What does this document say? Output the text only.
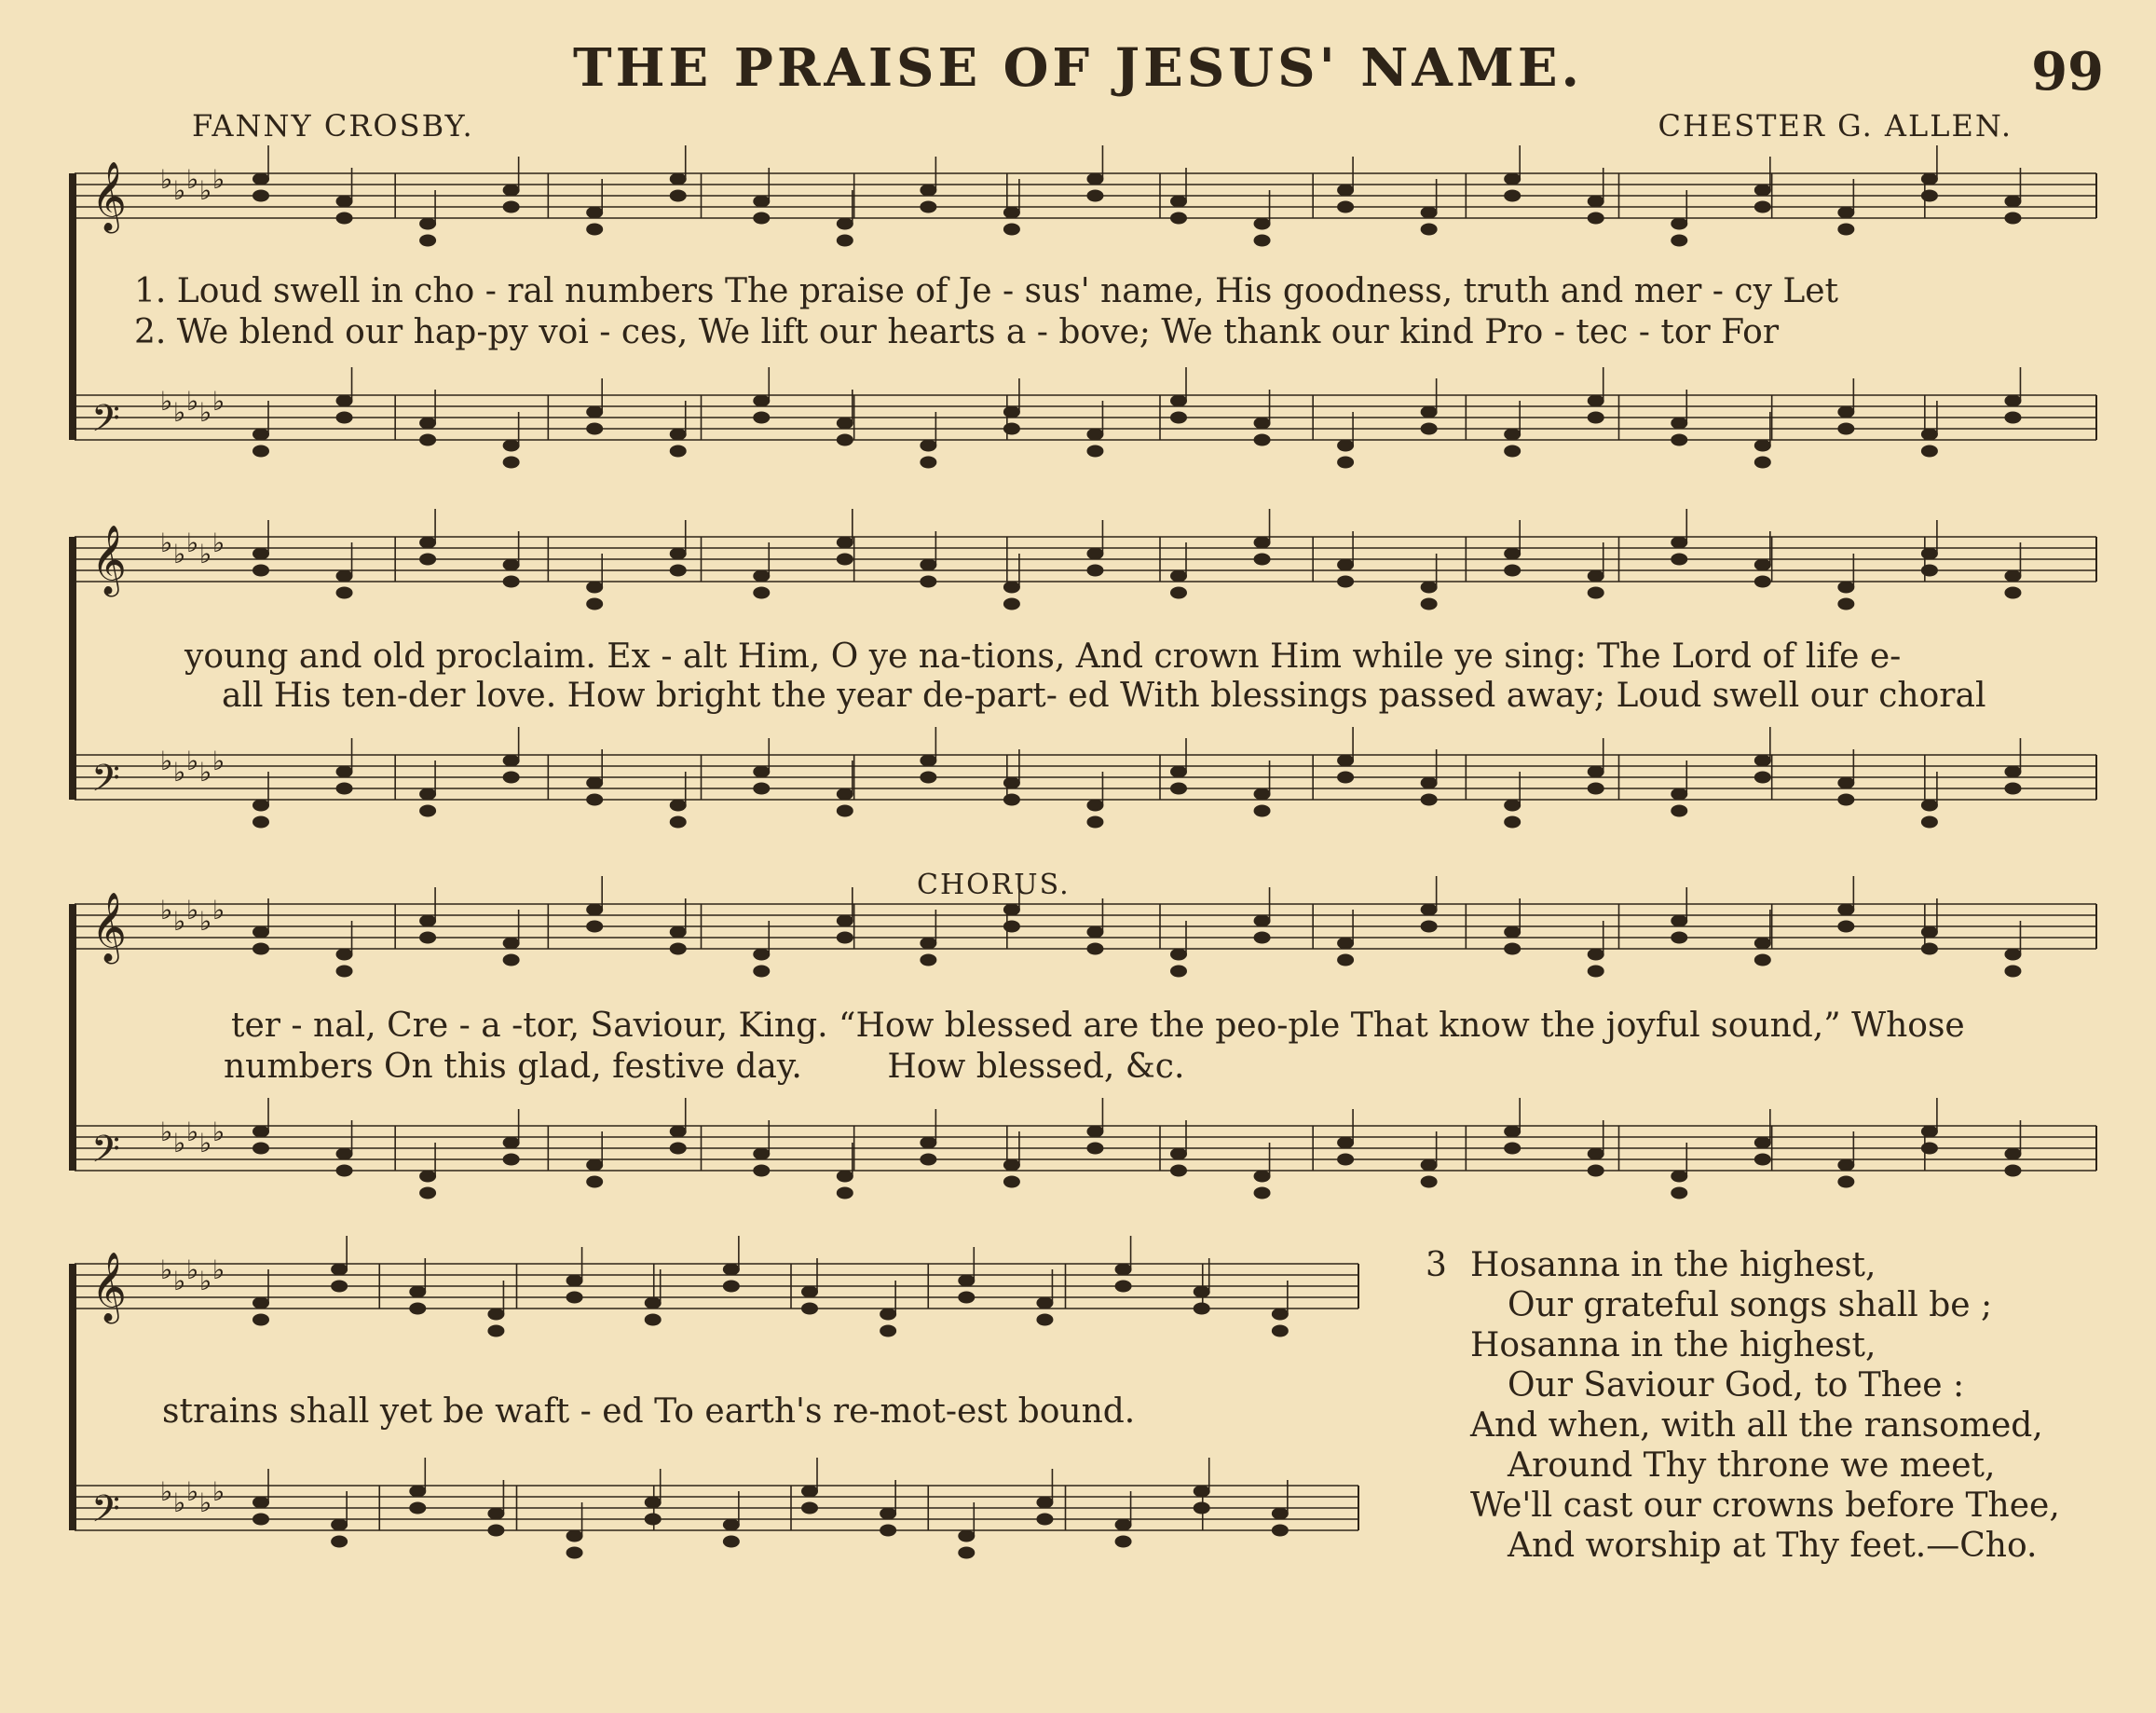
THE PRAISE OF JESUS' NAME.	99
FANNY CROSBY.	CHESTER G. ALLEN.
𝄞 ♭ ♭ ♭ ♭ ♭
𝄢 ♭ ♭ ♭ ♭ ♭
𝄞 ♭ ♭ ♭ ♭ ♭
𝄢 ♭ ♭ ♭ ♭ ♭
𝄞 ♭ ♭ ♭ ♭ ♭
𝄢 ♭ ♭ ♭ ♭ ♭
𝄞 ♭ ♭ ♭ ♭ ♭
𝄢 ♭ ♭ ♭ ♭ ♭
1. Loud swell in cho - ral numbers The praise of Je - sus' name, His goodness, truth and mer - cy Let
2. We blend our hap-py voi - ces, We lift our hearts a - bove; We thank our kind Pro - tec - tor For
young and old proclaim. Ex - alt Him, O ye na-tions, And crown Him while ye sing: The Lord of life e-
all His ten-der love. How bright the year de-part- ed With blessings passed away; Loud swell our choral
CHORUS.
ter - nal, Cre - a -tor, Saviour, King. “How blessed are the peo-ple That know the joyful sound,” Whose
numbers On this glad, festive day.        How blessed, &c.
strains shall yet be waft - ed To earth's re-mot-est bound.
3 Hosanna in the highest,
Our grateful songs shall be ;
Hosanna in the highest,
Our Saviour God, to Thee :
And when, with all the ransomed,
Around Thy throne we meet,
We'll cast our crowns before Thee,
And worship at Thy feet.—Cho.
